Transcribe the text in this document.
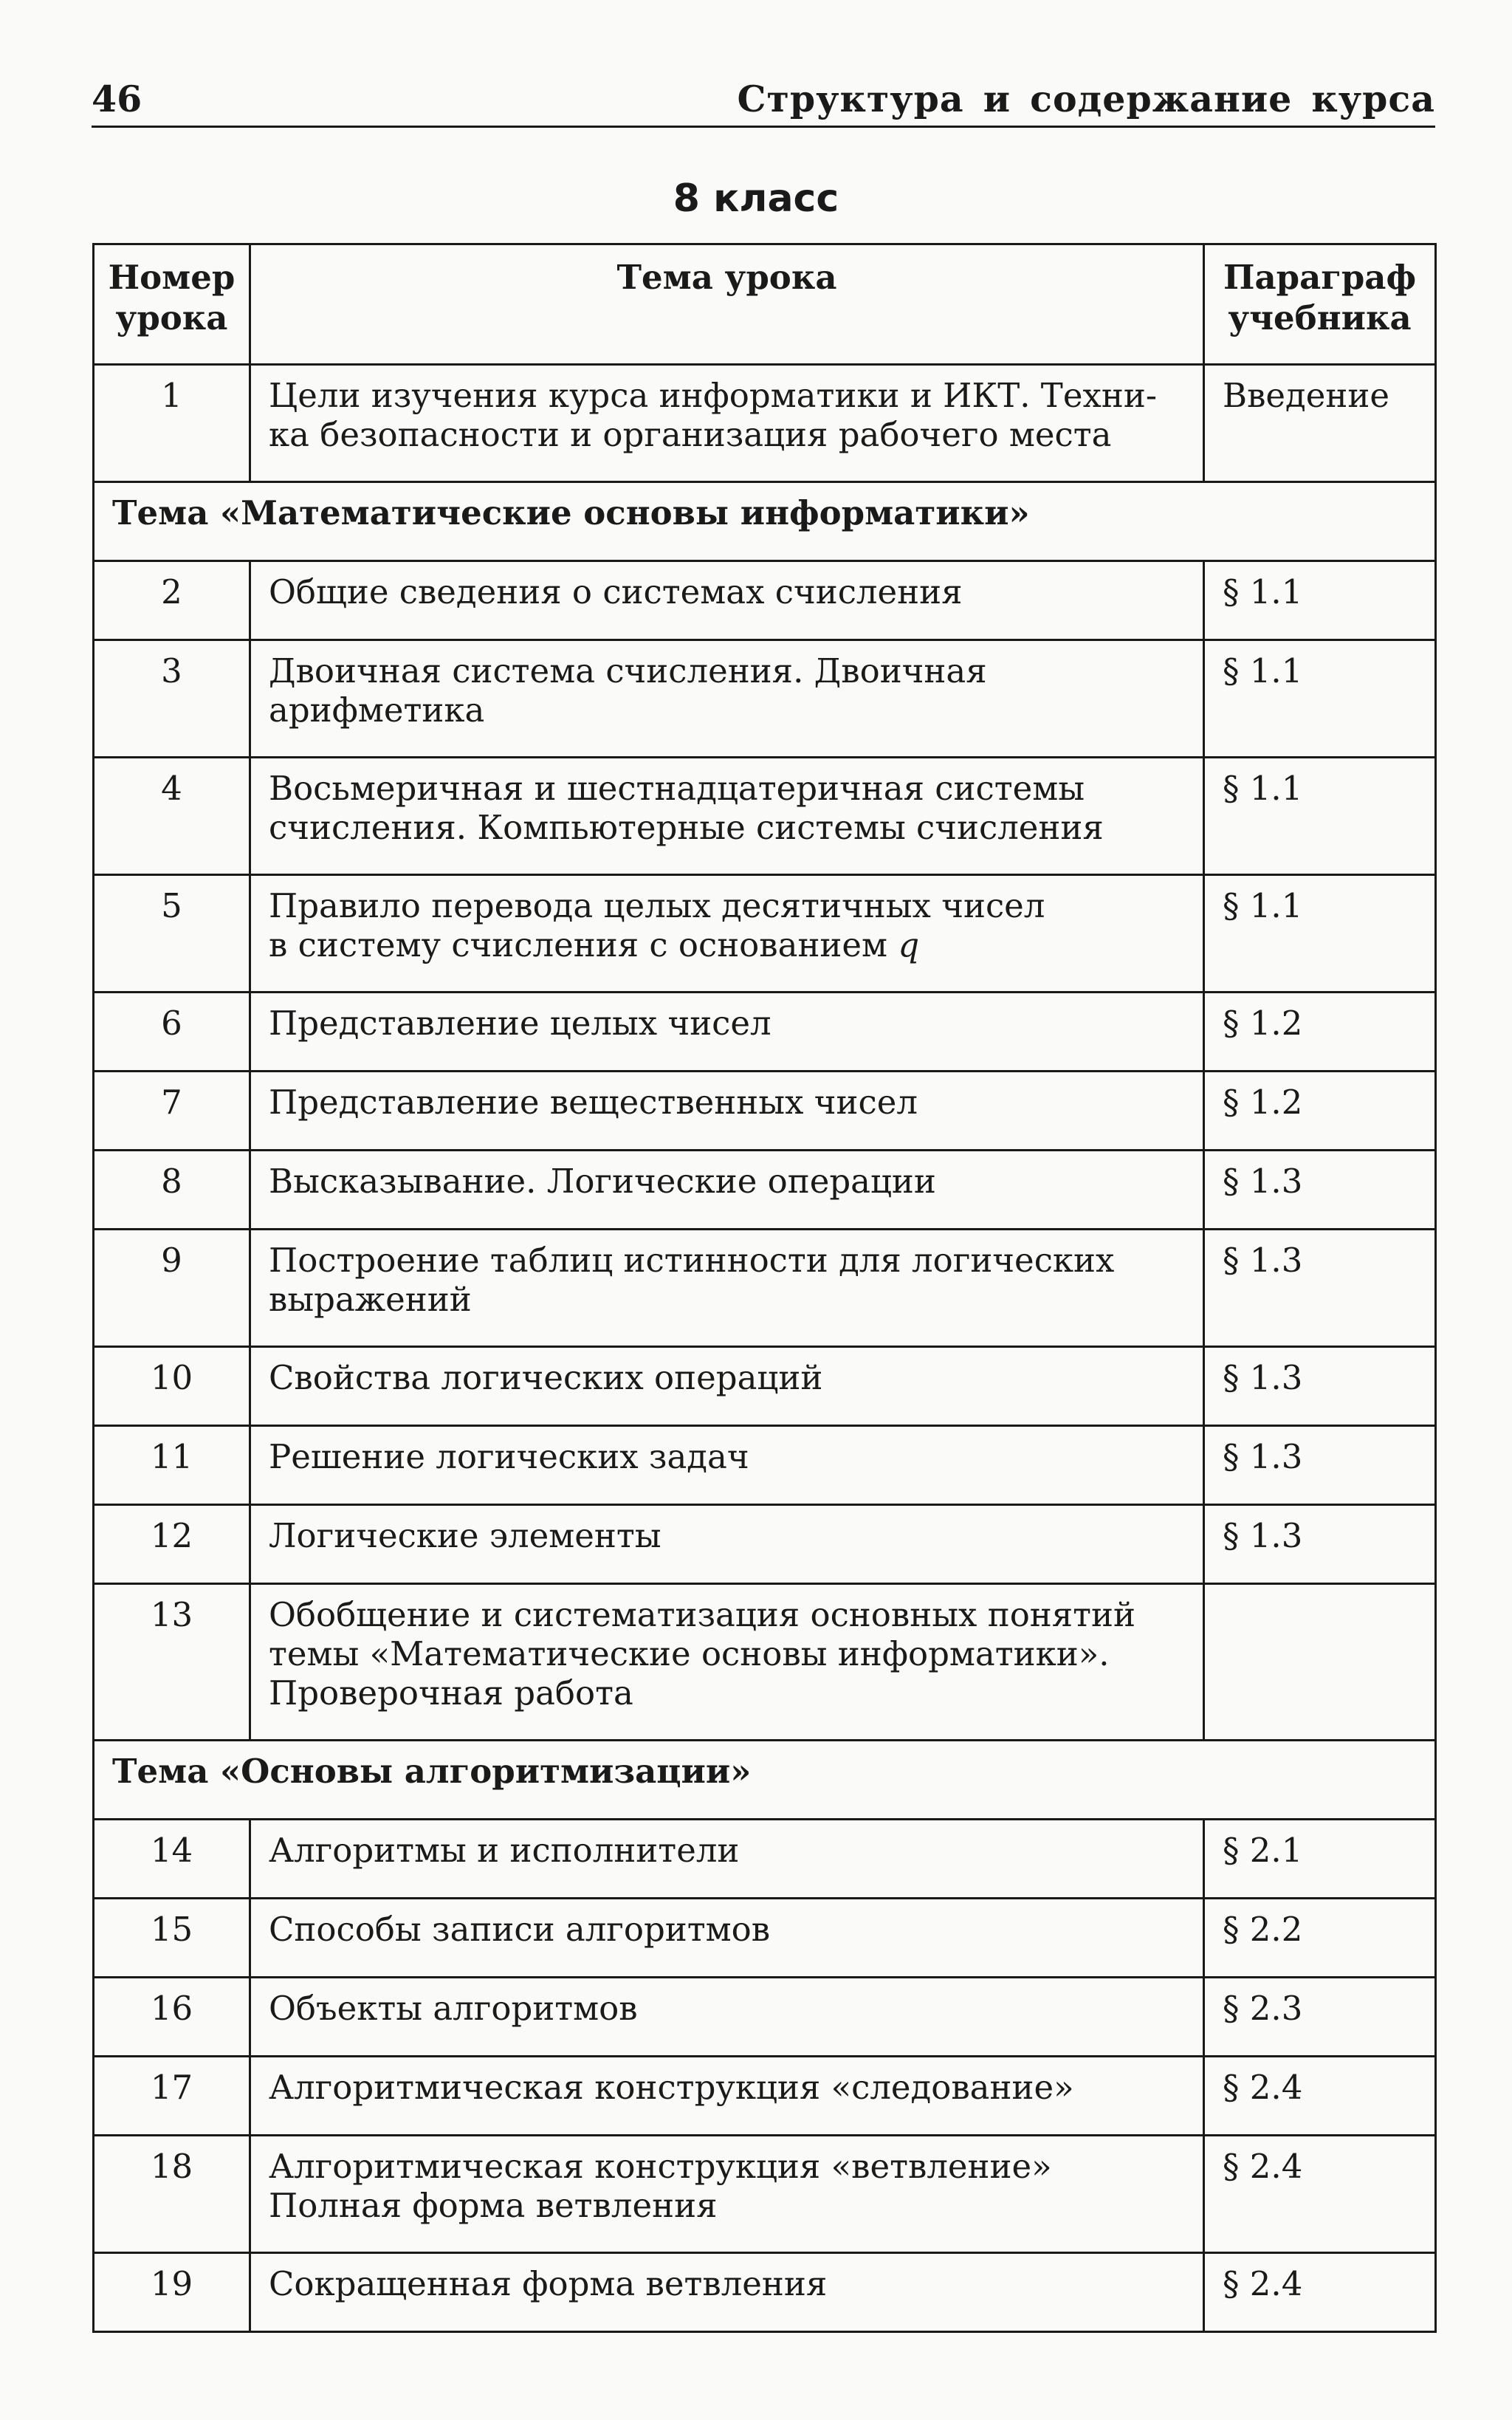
46	Структура и содержание курса
8 класс
Номер урока	Тема урока	Параграф учебника
1	Цели изучения курса информатики и ИКТ. Техни-
ка безопасности и организация рабочего места	Введение
Тема «Математические основы информатики»		
2	Общие сведения о системах счисления	§ 1.1
3	Двоичная система счисления. Двоичная
арифметика	§ 1.1
4	Восьмеричная и шестнадцатеричная системы
счисления. Компьютерные системы счисления	§ 1.1
5	Правило перевода целых десятичных чисел
в систему счисления с основанием q	§ 1.1
6	Представление целых чисел	§ 1.2
7	Представление вещественных чисел	§ 1.2
8	Высказывание. Логические операции	§ 1.3
9	Построение таблиц истинности для логических
выражений	§ 1.3
10	Свойства логических операций	§ 1.3
11	Решение логических задач	§ 1.3
12	Логические элементы	§ 1.3
13	Обобщение и систематизация основных понятий
темы «Математические основы информатики».
Проверочная работа	
Тема «Основы алгоритмизации»		
14	Алгоритмы и исполнители	§ 2.1
15	Способы записи алгоритмов	§ 2.2
16	Объекты алгоритмов	§ 2.3
17	Алгоритмическая конструкция «следование»	§ 2.4
18	Алгоритмическая конструкция «ветвление»
Полная форма ветвления	§ 2.4
19	Сокращенная форма ветвления	§ 2.4
